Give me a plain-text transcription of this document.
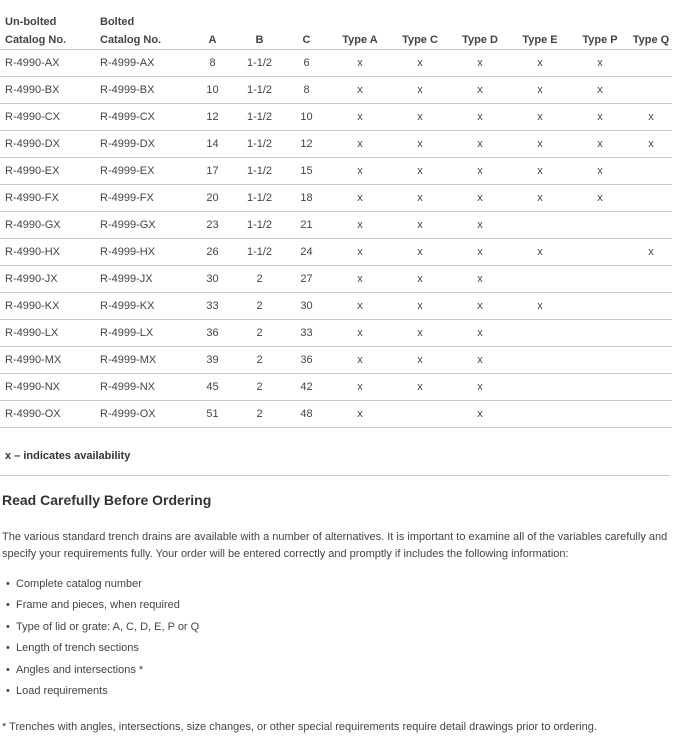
Un-bolted
Catalog No.	Bolted
Catalog No.	A	B	C	Type A	Type C	Type D	Type E	Type P	Type Q
R-4990-AX	R-4999-AX	8	1-1/2	6	x	x	x	x	x	
R-4990-BX	R-4999-BX	10	1-1/2	8	x	x	x	x	x	
R-4990-CX	R-4999-CX	12	1-1/2	10	x	x	x	x	x	x
R-4990-DX	R-4999-DX	14	1-1/2	12	x	x	x	x	x	x
R-4990-EX	R-4999-EX	17	1-1/2	15	x	x	x	x	x	
R-4990-FX	R-4999-FX	20	1-1/2	18	x	x	x	x	x	
R-4990-GX	R-4999-GX	23	1-1/2	21	x	x	x			
R-4990-HX	R-4999-HX	26	1-1/2	24	x	x	x	x		x
R-4990-JX	R-4999-JX	30	2	27	x	x	x			
R-4990-KX	R-4999-KX	33	2	30	x	x	x	x		
R-4990-LX	R-4999-LX	36	2	33	x	x	x			
R-4990-MX	R-4999-MX	39	2	36	x	x	x			
R-4990-NX	R-4999-NX	45	2	42	x	x	x			
R-4990-OX	R-4999-OX	51	2	48	x		x			
x – indicates availability
Read Carefully Before Ordering
The various standard trench drains are available with a number of alternatives. It is important to examine all of the variables carefully and specify your requirements fully. Your order will be entered correctly and promptly if includes the following information:
• Complete catalog number
• Frame and pieces, when required
• Type of lid or grate: A, C, D, E, P or Q
• Length of trench sections
• Angles and intersections *
• Load requirements
* Trenches with angles, intersections, size changes, or other special requirements require detail drawings prior to ordering.
